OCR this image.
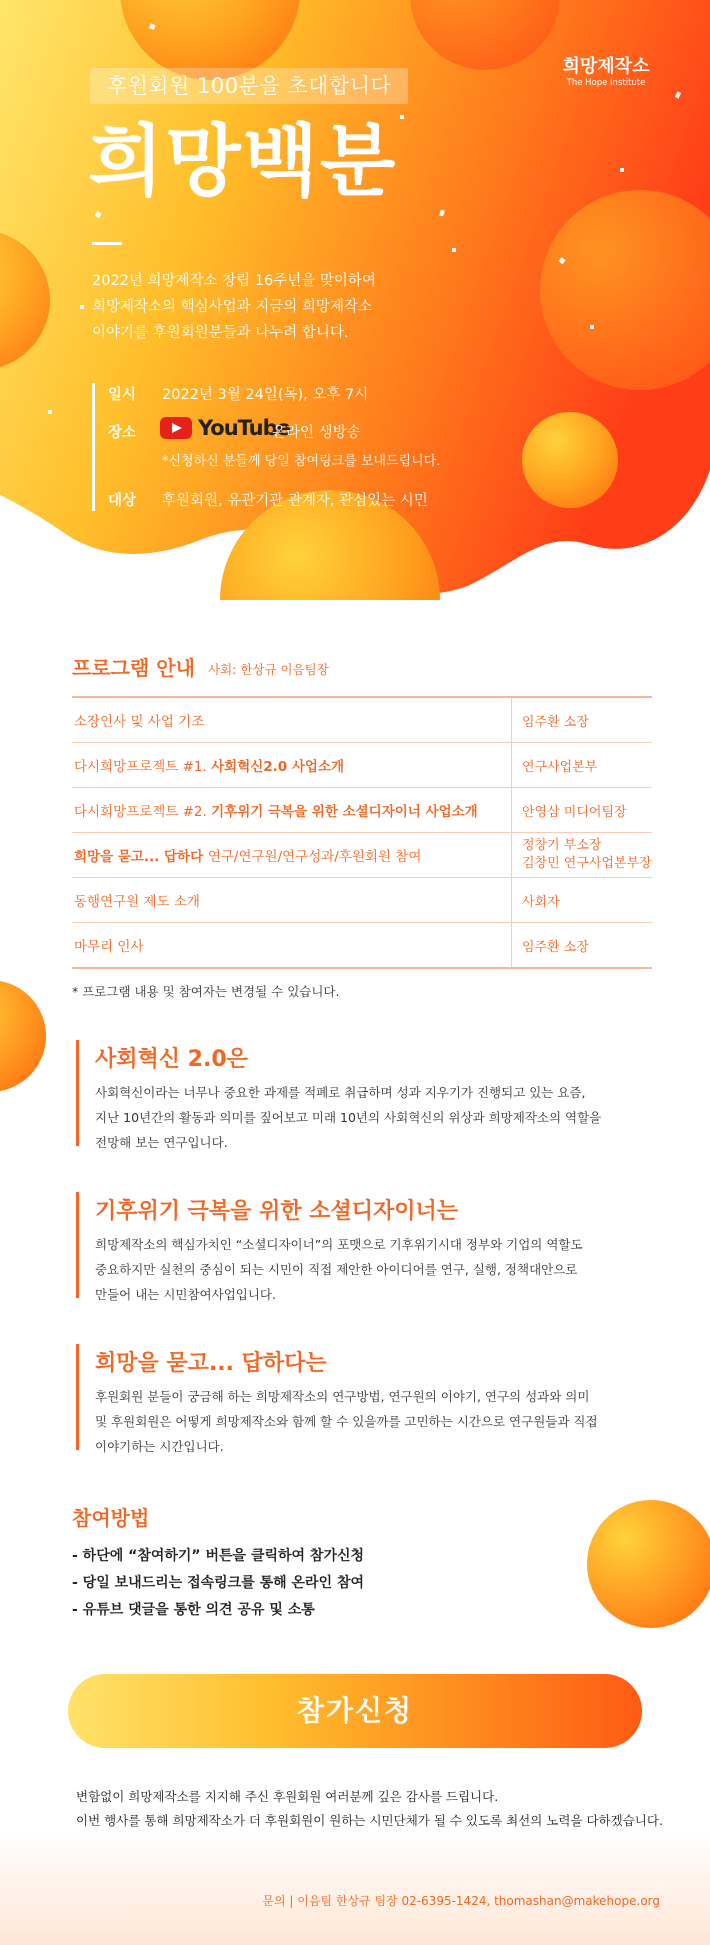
후원회원 100분을 초대합니다
희망백분
희망제작소
The Hope Institute
2022년 희망제작소 창립 16주년을 맞이하여
희망제작소의 핵심사업과 지금의 희망제작소
이야기를 후원회원분들과 나누려 합니다.
일시 2022년 3월 24일(목), 오후 7시
장소	YouTube
온라인 생방송
*신청하신 분들께 당일 참여링크를 보내드립니다.
대상 후원회원, 유관기관 관계자, 관심있는 시민
프로그램 안내 사회: 한상규 이음팀장
소장인사 및 사업 기조	임주환 소장
다시희망프로젝트 #1. 사회혁신2.0 사업소개	연구사업본부
다시희망프로젝트 #2. 기후위기 극복을 위한 소셜디자이너 사업소개	안영삼 미디어팀장
희망을 묻고... 답하다 연구/연구원/연구성과/후원회원 참여	정창기 부소장
김창민 연구사업본부장

동행연구원 제도 소개	사회자
마무리 인사	임주환 소장
* 프로그램 내용 및 참여자는 변경될 수 있습니다.
사회혁신 2.0은
사회혁신이라는 너무나 중요한 과제를 적폐로 취급하며 성과 지우기가 진행되고 있는 요즘,
지난 10년간의 활동과 의미를 짚어보고 미래 10년의 사회혁신의 위상과 희망제작소의 역할을
전망해 보는 연구입니다.
기후위기 극복을 위한 소셜디자이너는
희망제작소의 핵심가치인 “소셜디자이너”의 포맷으로 기후위기시대 정부와 기업의 역할도
중요하지만 실천의 중심이 되는 시민이 직접 제안한 아이디어를 연구, 실행, 정책대안으로
만들어 내는 시민참여사업입니다.
희망을 묻고... 답하다는
후원회원 분들이 궁금해 하는 희망제작소의 연구방법, 연구원의 이야기, 연구의 성과와 의미
및 후원회원은 어떻게 희망제작소와 함께 할 수 있을까를 고민하는 시간으로 연구원들과 직접
이야기하는 시간입니다.
참여방법
- 하단에 “참여하기” 버튼을 클릭하여 참가신청
- 당일 보내드리는 접속링크를 통해 온라인 참여
- 유튜브 댓글을 통한 의견 공유 및 소통
참가신청
변함없이 희망제작소를 지지해 주신 후원회원 여러분께 깊은 감사를 드립니다.
이번 행사를 통해 희망제작소가 더 후원회원이 원하는 시민단체가 될 수 있도록 최선의 노력을 다하겠습니다.
문의 | 이음팀 한상규 팀장 02-6395-1424, thomashan@makehope.org
